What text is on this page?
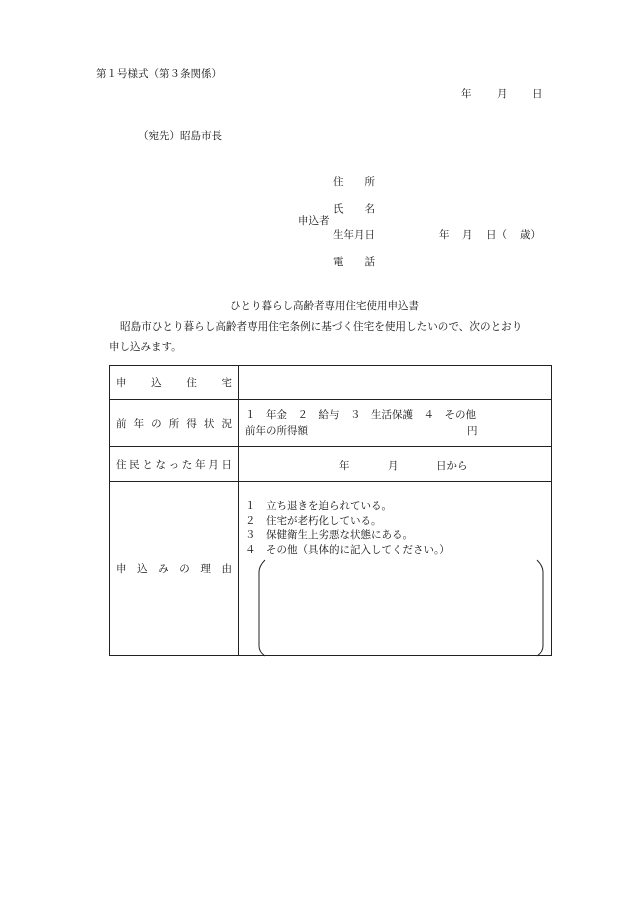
第１号様式（第３条関係）
年 月 日
（宛先）昭島市長
住　　所
氏　　名
申込者
生年月日	年 月 日（ 歳）
電　　話
ひとり暮らし高齢者専用住宅使用申込書
昭島市ひとり暮らし高齢者専用住宅条例に基づく住宅を使用したいので、次のとおり
申し込みます。
申込住宅	
前年の所得状況	１　年金　２　給与　３　生活保護　４　その他
前年の所得額 円

住民となった年月日	年 月 日から

申込みの理由	１　立ち退きを迫られている。
２　住宅が老朽化している。
３　保健衛生上劣悪な状態にある。
４　その他（具体的に記入してください。）
